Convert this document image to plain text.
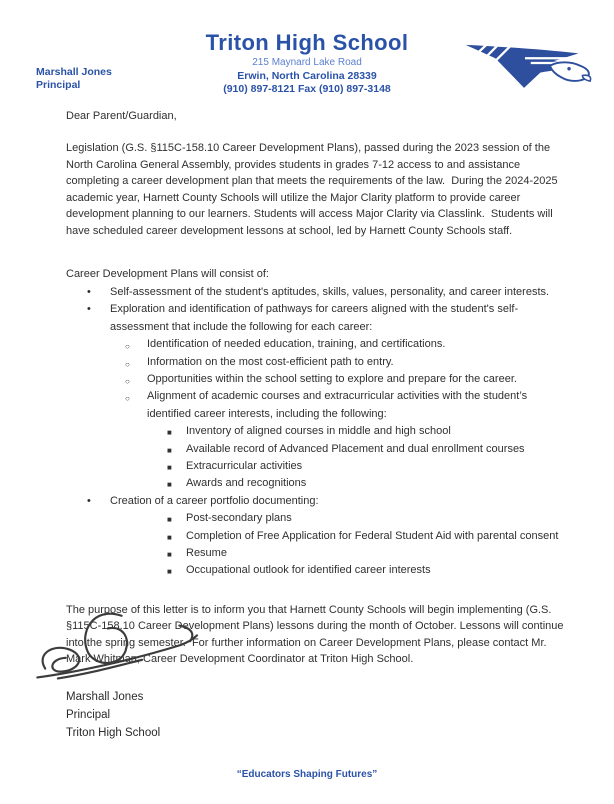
Triton High School
215 Maynard Lake Road
Erwin, North Carolina 28339
(910) 897-8121 Fax (910) 897-3148
Marshall Jones
Principal

Dear Parent/Guardian,

Legislation (G.S. §115C-158.10 Career Development Plans), passed during the 2023 session of the North Carolina General Assembly, provides students in grades 7-12 access to and assistance completing a career development plan that meets the requirements of the law.  During the 2024-2025 academic year, Harnett County Schools will utilize the Major Clarity platform to provide career development planning to our learners. Students will access Major Clarity via Classlink.  Students will have scheduled career development lessons at school, led by Harnett County Schools staff.

Career Development Plans will consist of:

• Self-assessment of the student's aptitudes, skills, values, personality, and career interests.
• Exploration and identification of pathways for careers aligned with the student's self-assessment that include the following for each career:
○ Identification of needed education, training, and certifications.
○ Information on the most cost-efficient path to entry.
○ Opportunities within the school setting to explore and prepare for the career.
○ Alignment of academic courses and extracurricular activities with the student’s identified career interests, including the following:
■ Inventory of aligned courses in middle and high school
■ Available record of Advanced Placement and dual enrollment courses
■ Extracurricular activities
■ Awards and recognitions
• Creation of a career portfolio documenting:
■ Post-secondary plans
■ Completion of Free Application for Federal Student Aid with parental consent
■ Resume
■ Occupational outlook for identified career interests

The purpose of this letter is to inform you that Harnett County Schools will begin implementing (G.S. §115C-158.10 Career Development Plans) lessons during the month of October. Lessons will continue into the spring semester.  For further information on Career Development Plans, please contact Mr. Mark Whitman, Career Development Coordinator at Triton High School.

Marshall Jones
Principal
Triton High School
“Educators Shaping Futures”
